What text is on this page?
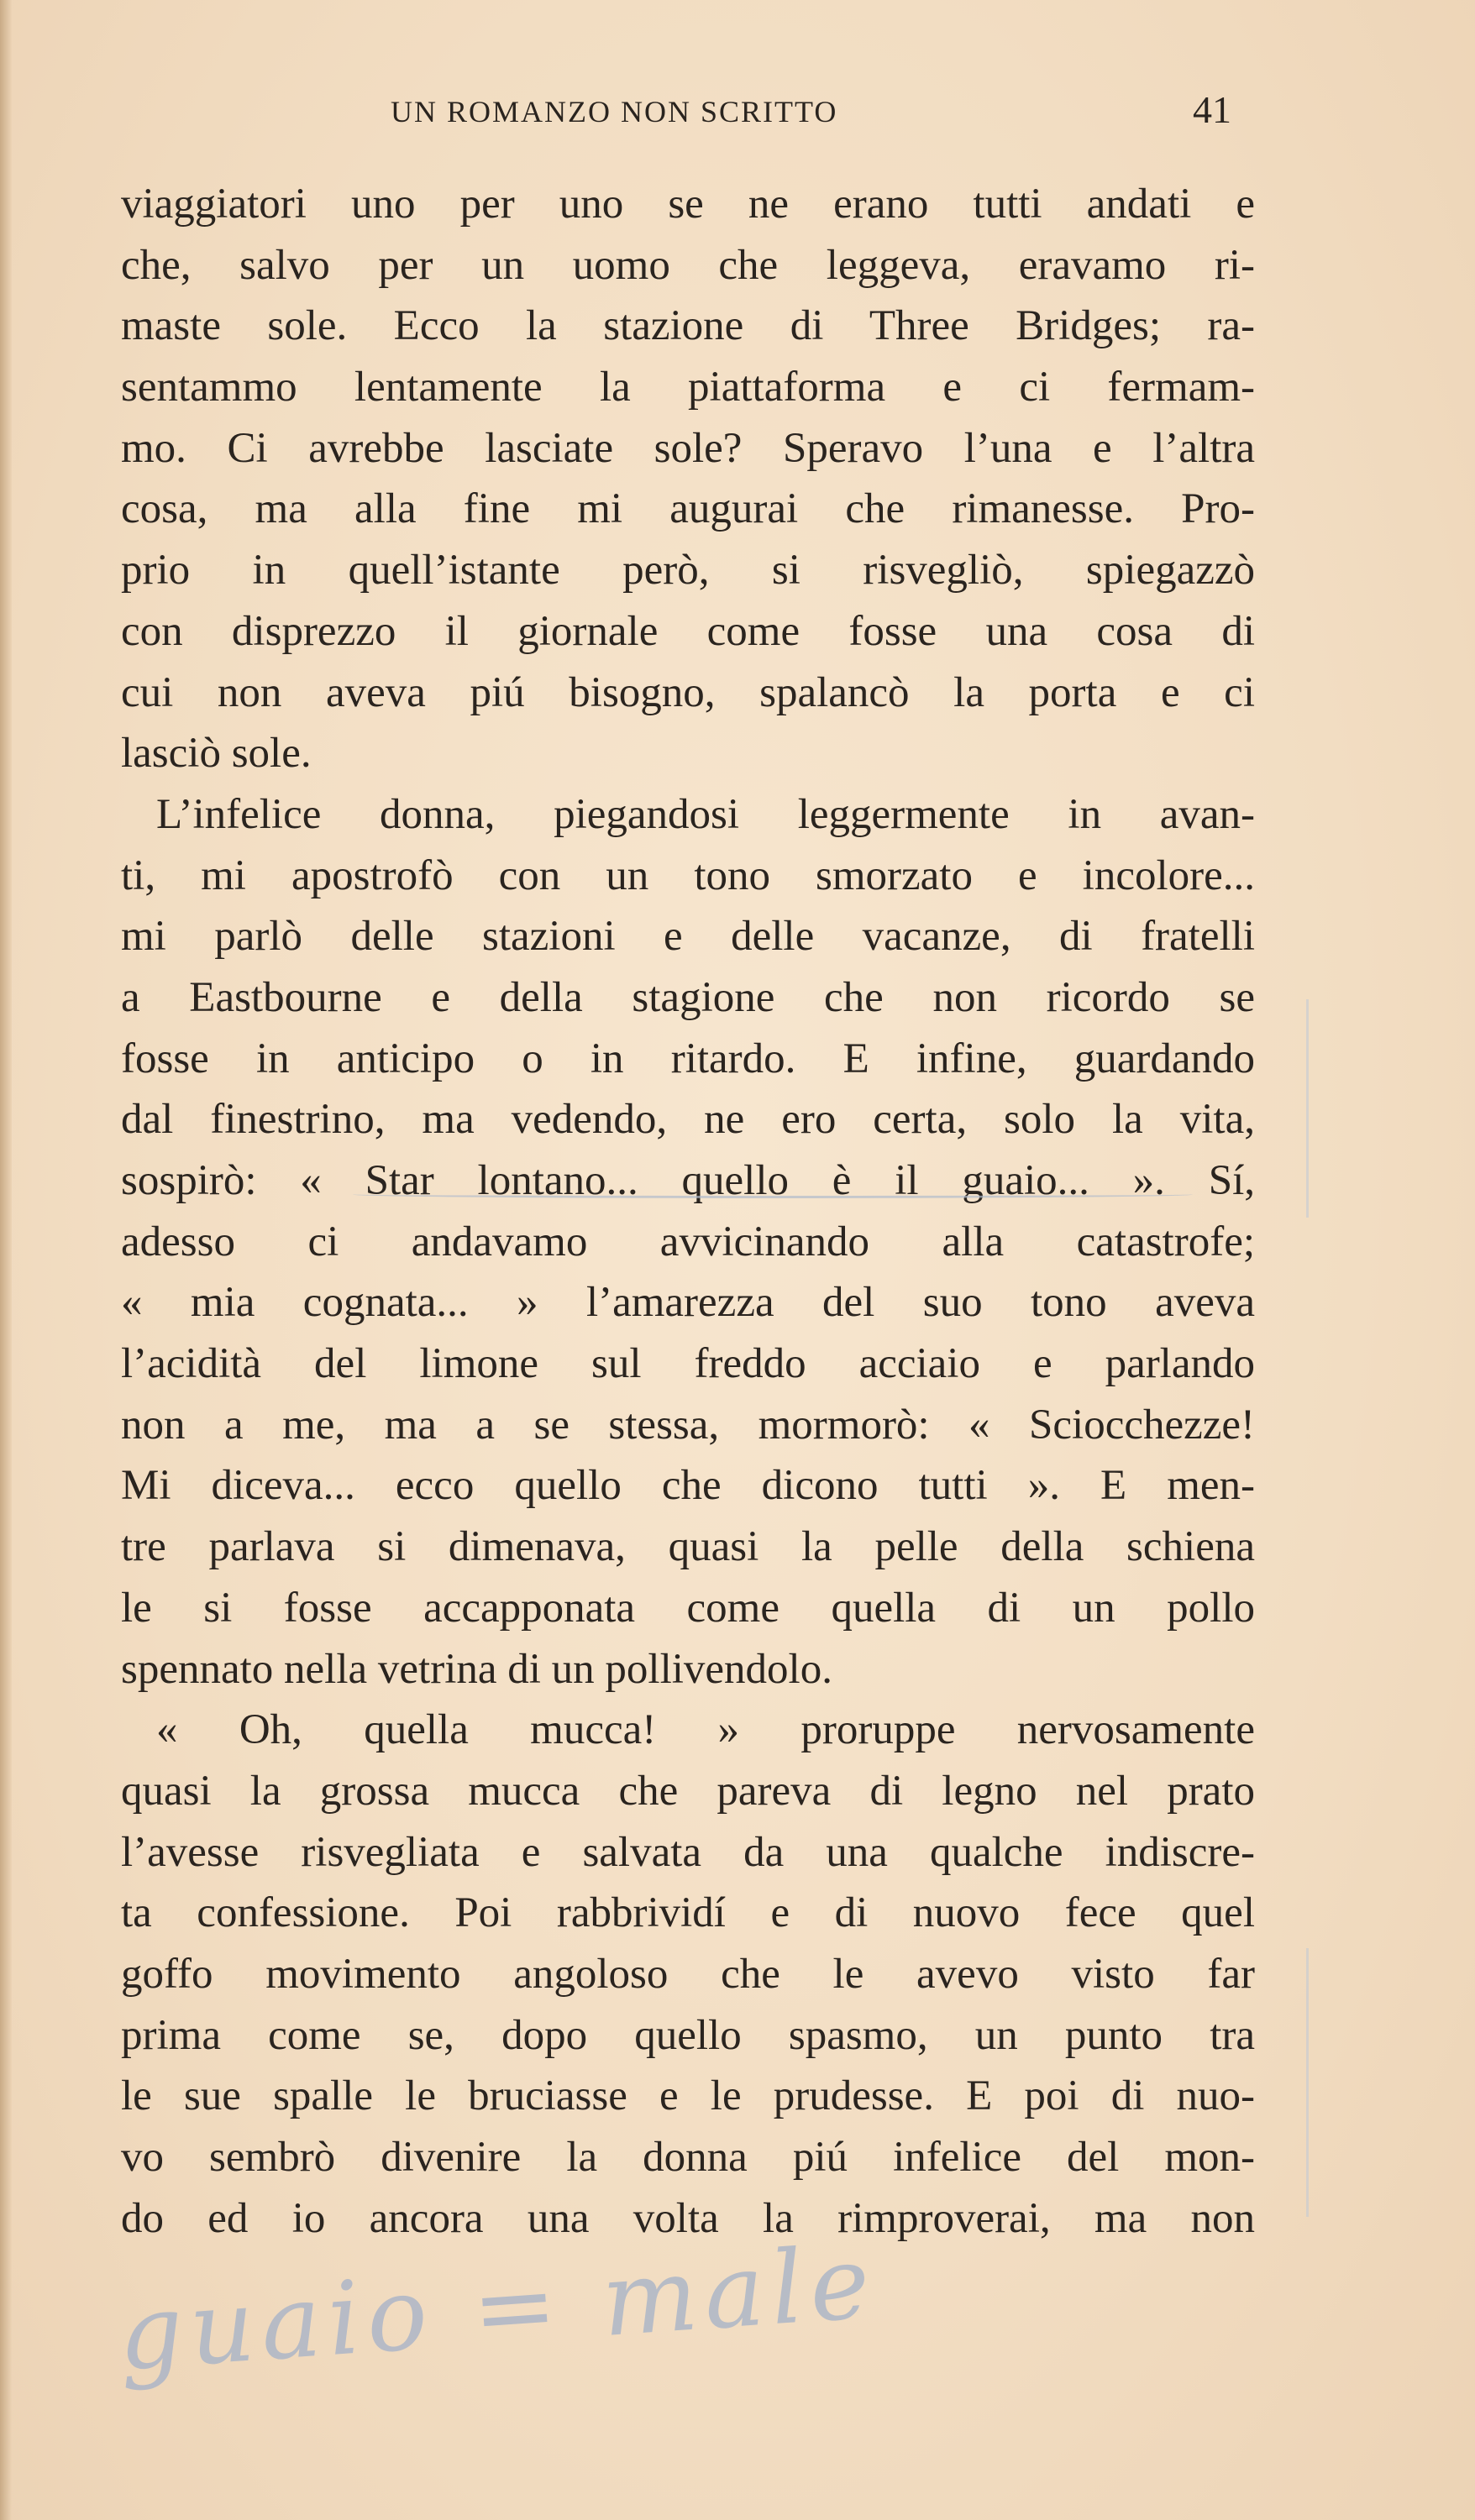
UN ROMANZO NON SCRITTO	41
viaggiatori uno per uno se ne erano tutti andati e
che, salvo per un uomo che leggeva, eravamo ri-
maste sole. Ecco la stazione di Three Bridges; ra-
sentammo lentamente la piattaforma e ci fermam-
mo. Ci avrebbe lasciate sole? Speravo l’una e l’altra
cosa, ma alla fine mi augurai che rimanesse. Pro-
prio in quell’istante però, si risvegliò, spiegazzò
con disprezzo il giornale come fosse una cosa di
cui non aveva piú bisogno, spalancò la porta e ci
lasciò sole.
L’infelice donna, piegandosi leggermente in avan-
ti, mi apostrofò con un tono smorzato e incolore...
mi parlò delle stazioni e delle vacanze, di fratelli
a Eastbourne e della stagione che non ricordo se
fosse in anticipo o in ritardo. E infine, guardando
dal finestrino, ma vedendo, ne ero certa, solo la vita,
sospirò: « Star lontano... quello è il guaio... ». Sí,
adesso ci andavamo avvicinando alla catastrofe;
« mia cognata... » l’amarezza del suo tono aveva
l’acidità del limone sul freddo acciaio e parlando
non a me, ma a se stessa, mormorò: « Sciocchezze!
Mi diceva... ecco quello che dicono tutti ». E men-
tre parlava si dimenava, quasi la pelle della schiena
le si fosse accapponata come quella di un pollo
spennato nella vetrina di un pollivendolo.
« Oh, quella mucca! » proruppe nervosamente
quasi la grossa mucca che pareva di legno nel prato
l’avesse risvegliata e salvata da una qualche indiscre-
ta confessione. Poi rabbrividí e di nuovo fece quel
goffo movimento angoloso che le avevo visto far
prima come se, dopo quello spasmo, un punto tra
le sue spalle le bruciasse e le prudesse. E poi di nuo-
vo sembrò divenire la donna piú infelice del mon-
do ed io ancora una volta la rimproverai, ma non
guaio = male
